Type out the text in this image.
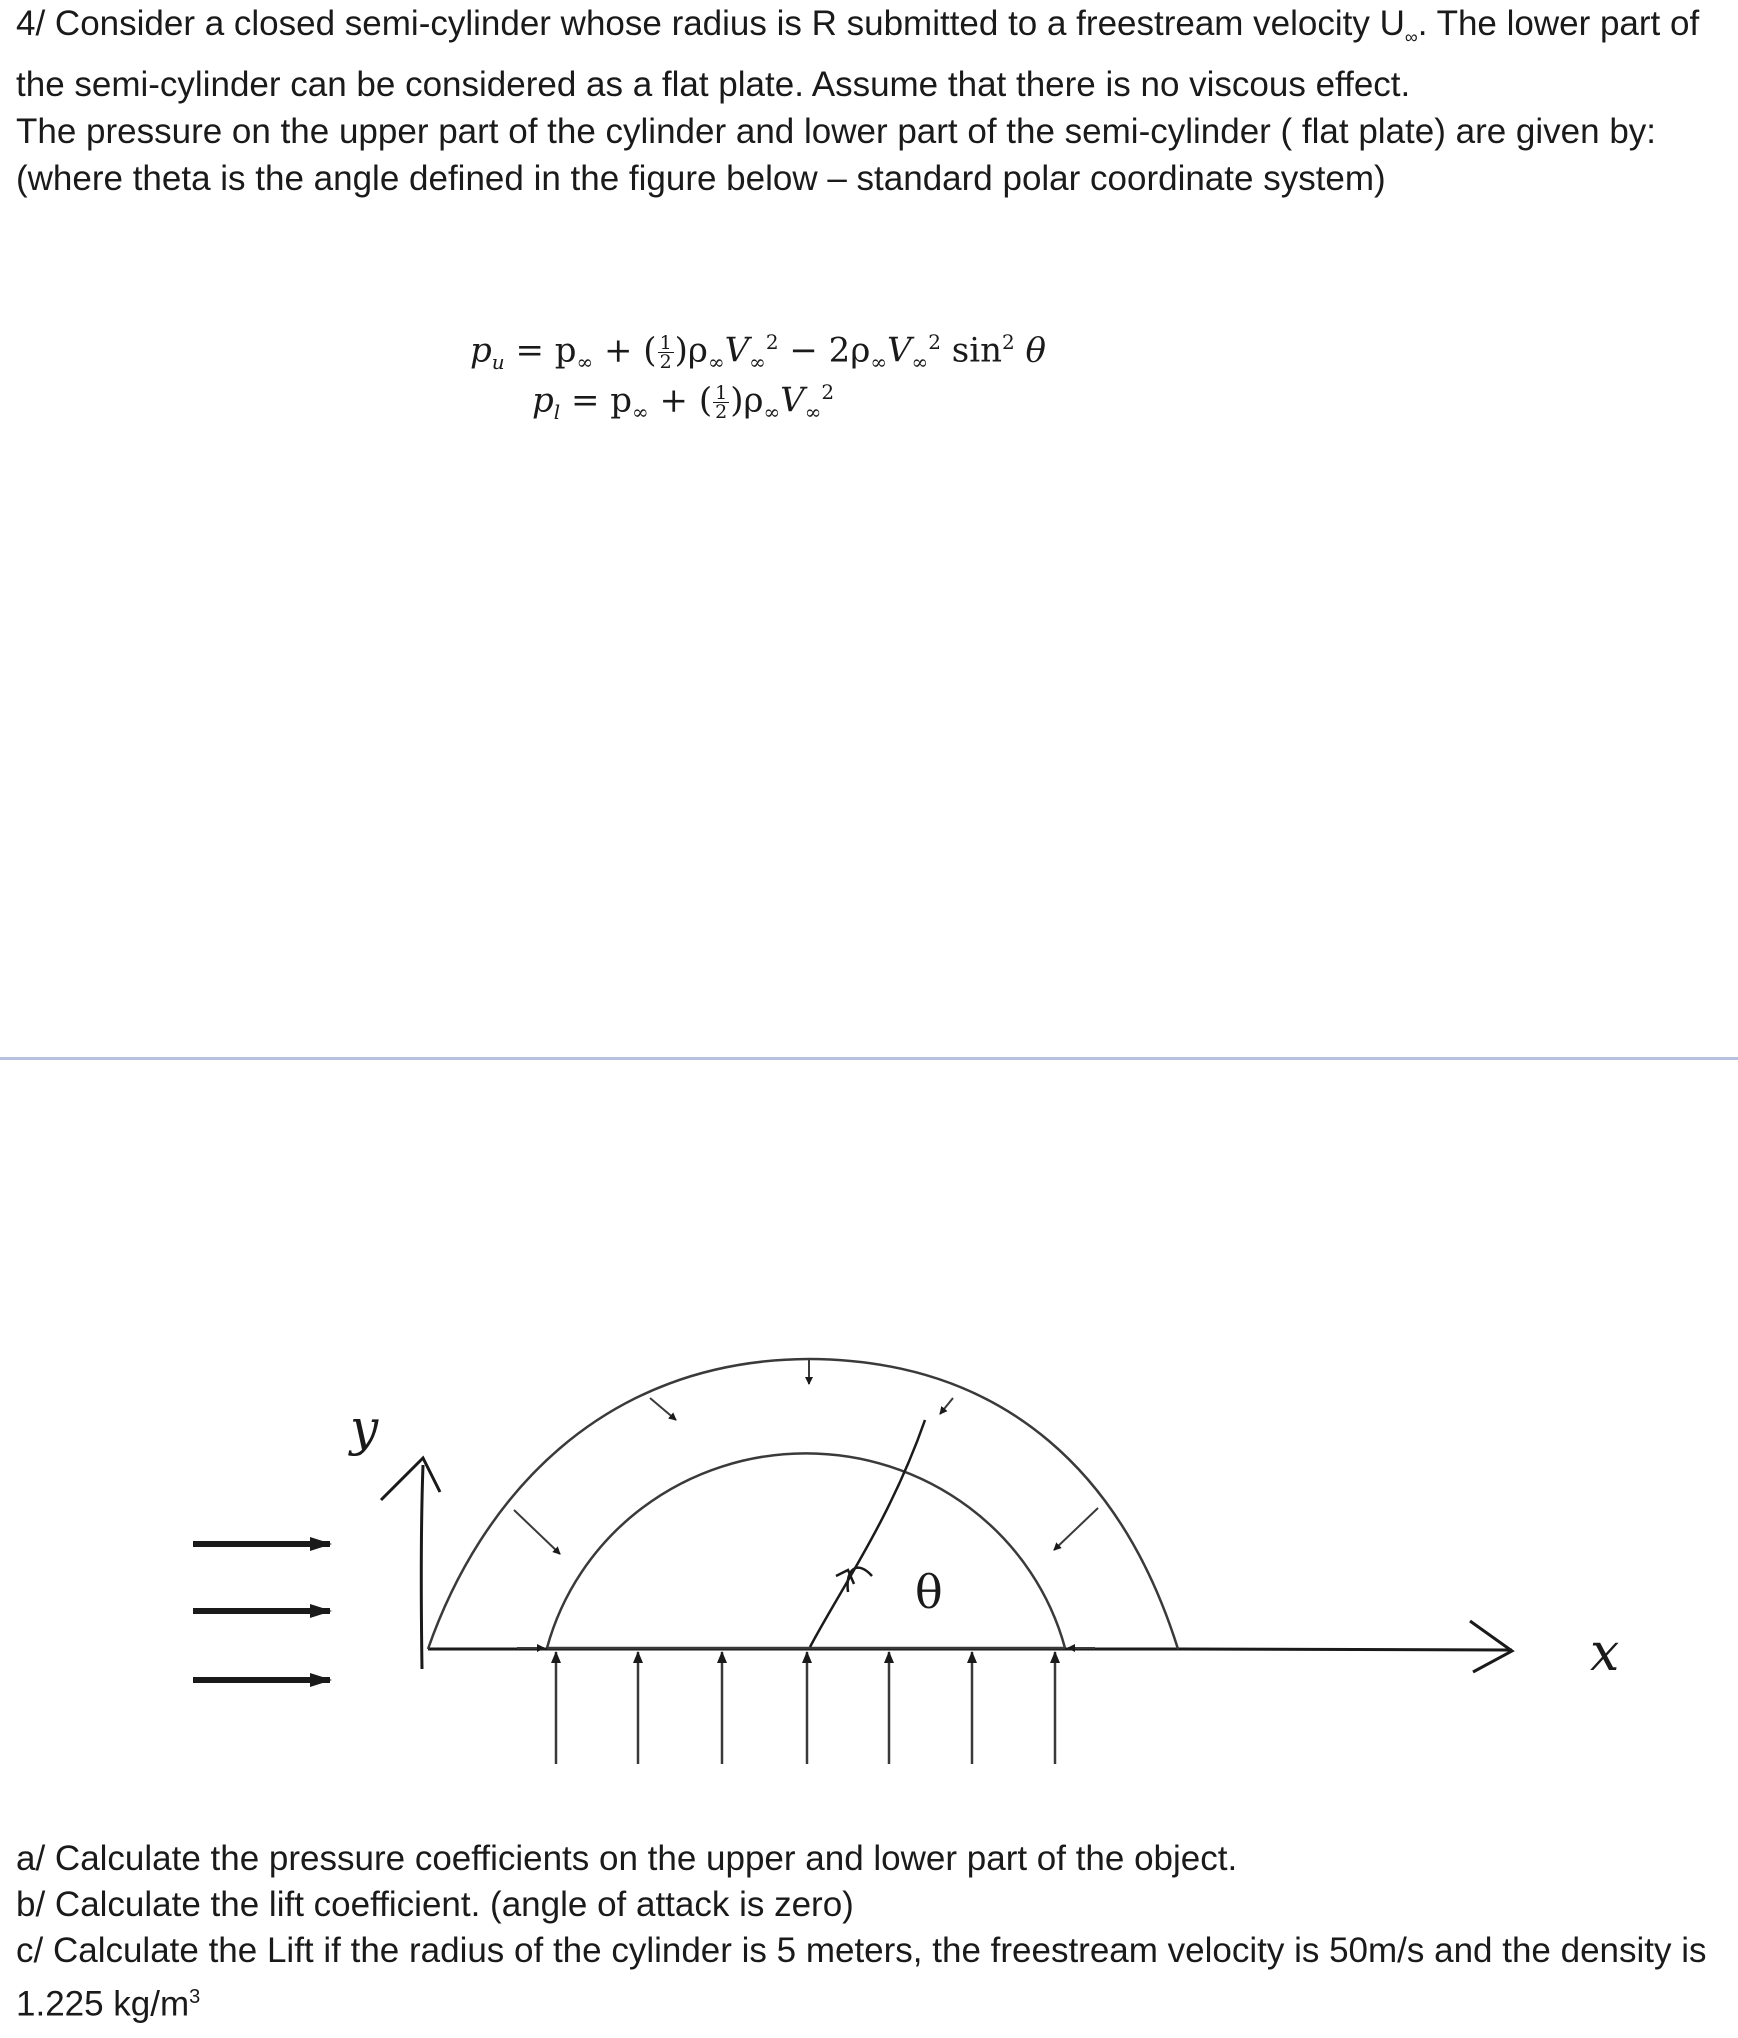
4/ Consider a closed semi-cylinder whose radius is R submitted to a freestream velocity $U_\infty$. The lower part of the semi-cylinder can be considered as a flat plate. Assume that there is no viscous effect.

The pressure on the upper part of the cylinder and lower part of the semi-cylinder ( flat plate) are given by: (where theta is the angle defined in the figure below – standard polar coordinate system)

$p_u = p_\infty$ + ( $\frac{1}{2} )\rho_\infty V_\infty^2 - 2\rho_\infty V_\infty^2$ $\sin^2 \theta$
$p_l = p_\infty$ + ( $\frac{1}{2} )\rho_\infty V_\infty^2$
θ
y
x

a/ Calculate the pressure coefficients on the upper and lower part of the object.

b/ Calculate the lift coefficient. (angle of attack is zero)

c/ Calculate the Lift if the radius of the cylinder is 5 meters, the freestream velocity is 50m/s and the density is 1.225 $kg/m^3$
